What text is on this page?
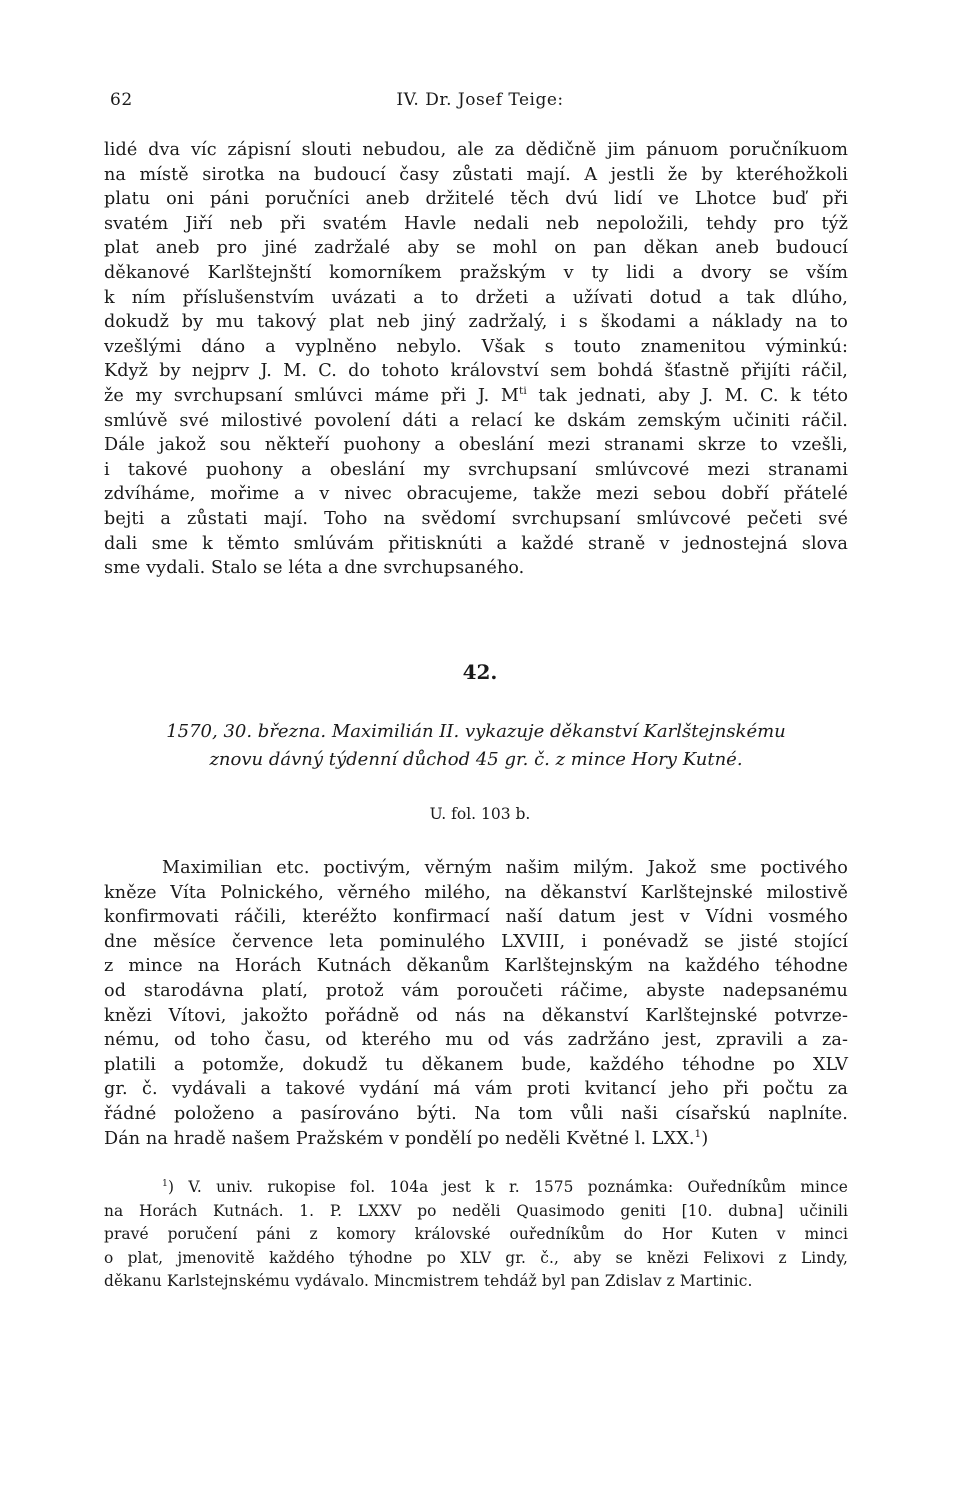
62	IV. Dr. Josef Teige:
lidé dva víc zápisní slouti nebudou, ale za dědičně jim pánuom poručníkuom
na místě sirotka na budoucí časy zůstati mají. A jestli že by kteréhožkoli
platu oni páni poručníci aneb držitelé těch dvú lidí ve Lhotce buď při
svatém Jiří neb při svatém Havle nedali neb nepoložili, tehdy pro týž
plat aneb pro jiné zadržalé aby se mohl on pan děkan aneb budoucí
děkanové Karlštejnští komorníkem pražským v ty lidi a dvory se vším
k ním příslušenstvím uvázati a to držeti a užívati dotud a tak dlúho,
dokudž by mu takový plat neb jiný zadržalý, i s škodami a náklady na to
vzešlými dáno a vyplněno nebylo. Však s touto znamenitou výminkú:
Když by nejprv J. M. C. do tohoto království sem bohdá šťastně přijíti ráčil,
že my svrchupsaní smlúvci máme při J. $M^{ti}$ tak jednati, aby J. M. C. k této
smlúvě své milostivé povolení dáti a relací ke dskám zemským učiniti ráčil.
Dále jakož sou někteří puohony a obeslání mezi stranami skrze to vzešli,
i takové puohony a obeslání my svrchupsaní smlúvcové mezi stranami
zdvíháme, mořime a v nivec obracujeme, takže mezi sebou dobří přátelé
bejti a zůstati mají. Toho na svědomí svrchupsaní smlúvcové pečeti své
dali sme k těmto smlúvám přitisknúti a každé straně v jednostejná slova
sme vydali. Stalo se léta a dne svrchupsaného.
42.
1570, 30. března. Maximilián II. vykazuje děkanství Karlštejnskému
znovu dávný týdenní důchod 45 gr. č. z mince Hory Kutné.
U. fol. 103 b.
Maximilian etc. poctivým, věrným našim milým. Jakož sme poctivého
kněze Víta Polnického, věrného milého, na děkanství Karlštejnské milostivě
konfirmovati ráčili, kteréžto konfirmací naší datum jest v Vídni vosmého
dne měsíce července leta pominulého LXVIII, i ponévadž se jisté stojící
z mince na Horách Kutnách děkanům Karlštejnským na každého téhodne
od starodávna platí, protož vám poroučeti ráčime, abyste nadepsanému
knězi Vítovi, jakožto pořádně od nás na děkanství Karlštejnské potvrze-
nému, od toho času, od kterého mu od vás zadržáno jest, zpravili a za-
platili a potomže, dokudž tu děkanem bude, každého téhodne po XLV
gr. č. vydávali a takové vydání má vám proti kvitancí jeho při počtu za
řádné položeno a pasírováno býti. Na tom vůli naši císařskú naplníte.
Dán na hradě našem Pražském v pondělí po neděli Květné l. LXX.$^1$)
$^1$) V. univ. rukopise fol. 104a jest k r. 1575 poznámka: Ouředníkům mince
na Horách Kutnách. 1. P. LXXV po neděli Quasimodo geniti [10. dubna] učinili
pravé poručení páni z komory královské ouředníkům do Hor Kuten v minci
o plat, jmenovitě každého týhodne po XLV gr. č., aby se knězi Felixovi z Lindy,
děkanu Karlstejnskému vydávalo. Mincmistrem tehdáž byl pan Zdislav z Martinic.
